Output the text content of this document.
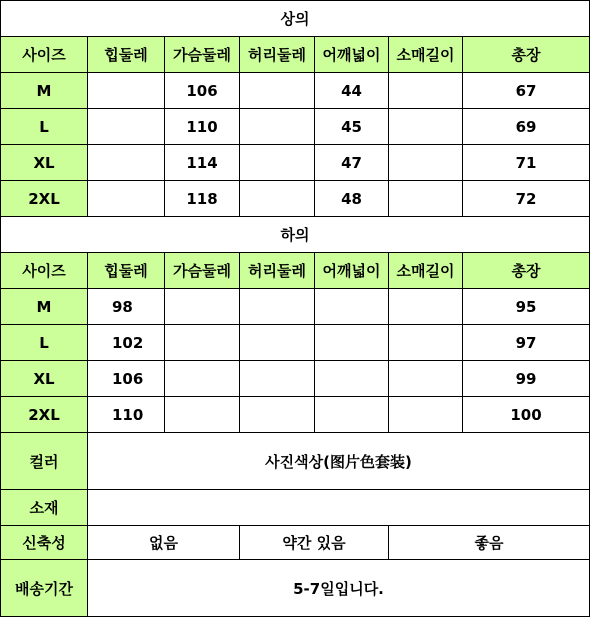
상의						
사이즈	힙둘레	가슴둘레	허리둘레	어깨넓이	소매길이	총장
M		106		44		67
L		110		45		69
XL		114		47		71
2XL		118		48		72
하의						
사이즈	힙둘레	가슴둘레	허리둘레	어깨넓이	소매길이	총장
M	98					95
L	102					97
XL	106					99
2XL	110					100
컬러	사진색상(图片色套装)					
소재						
신축성	없음		약간 있음		좋음	
배송기간	5-7일입니다.					
